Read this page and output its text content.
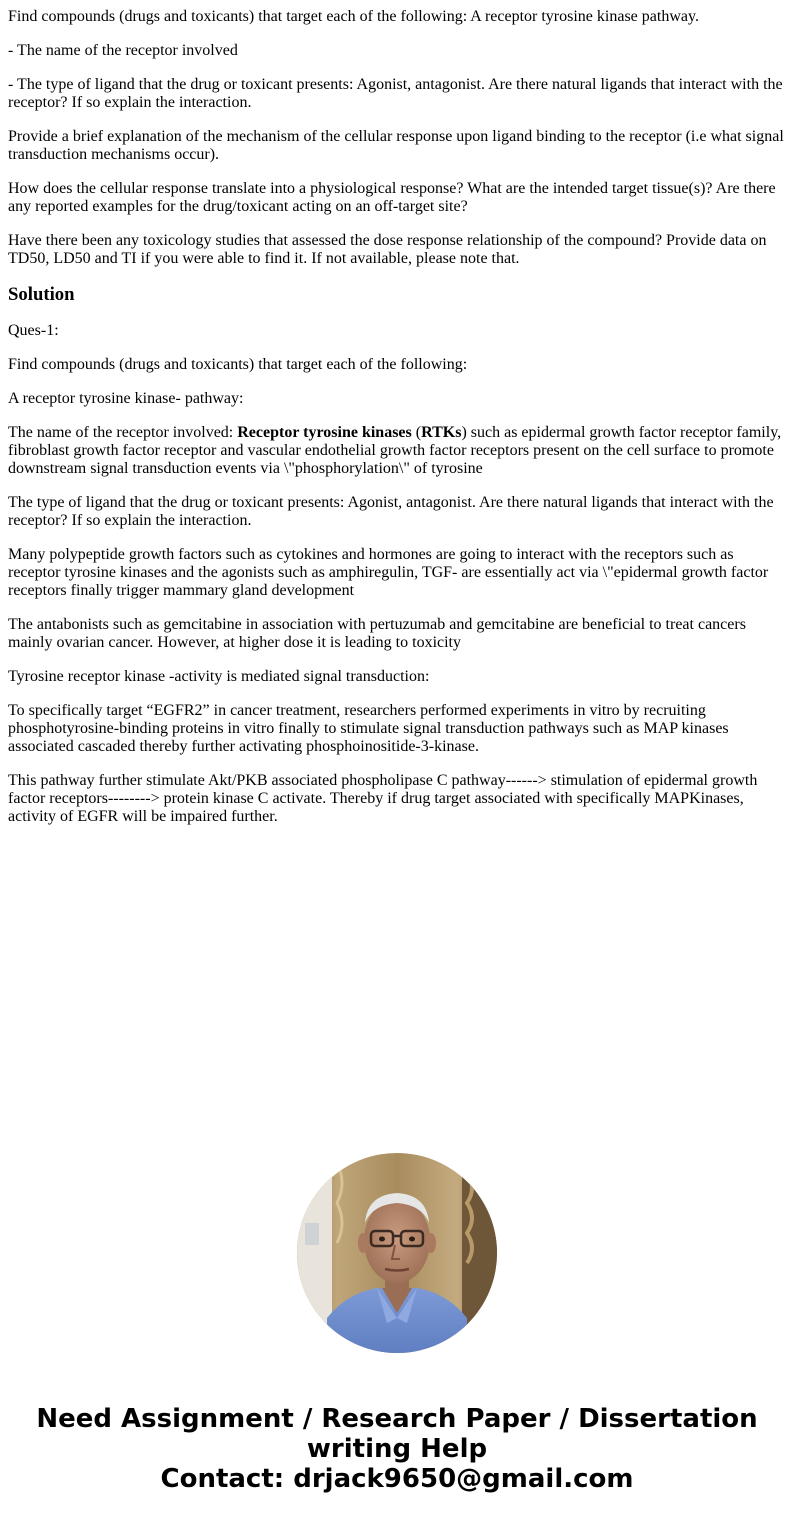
Find compounds (drugs and toxicants) that target each of the following: A receptor tyrosine kinase pathway.

- The name of the receptor involved

- The type of ligand that the drug or toxicant presents: Agonist, antagonist. Are there natural ligands that interact with the receptor? If so explain the interaction.

Provide a brief explanation of the mechanism of the cellular response upon ligand binding to the receptor (i.e what signal transduction mechanisms occur).

How does the cellular response translate into a physiological response? What are the intended target tissue(s)? Are there any reported examples for the drug/toxicant acting on an off-target site?

Have there been any toxicology studies that assessed the dose response relationship of the compound? Provide data on TD50, LD50 and TI if you were able to find it. If not available, please note that.

Solution

Ques-1:

Find compounds (drugs and toxicants) that target each of the following:

A receptor tyrosine kinase- pathway:

The name of the receptor involved: Receptor tyrosine kinases (RTKs) such as epidermal growth factor receptor family, fibroblast growth factor receptor and vascular endothelial growth factor receptors present on the cell surface to promote downstream signal transduction events via \"phosphorylation\" of tyrosine

The type of ligand that the drug or toxicant presents: Agonist, antagonist. Are there natural ligands that interact with the receptor? If so explain the interaction.

Many polypeptide growth factors such as cytokines and hormones are going to interact with the receptors such as receptor tyrosine kinases and the agonists such as amphiregulin, TGF- are essentially act via \"epidermal growth factor receptors finally trigger mammary gland development

The antabonists such as gemcitabine in association with pertuzumab and gemcitabine are beneficial to treat cancers mainly ovarian cancer. However, at higher dose it is leading to toxicity

Tyrosine receptor kinase -activity is mediated signal transduction:

To specifically target “EGFR2” in cancer treatment, researchers performed experiments in vitro by recruiting phosphotyrosine-binding proteins in vitro finally to stimulate signal transduction pathways such as MAP kinases associated cascaded thereby further activating phosphoinositide-3-kinase.

This pathway further stimulate Akt/PKB associated phospholipase C pathway------> stimulation of epidermal growth factor receptors--------> protein kinase C activate. Thereby if drug target associated with specifically MAPKinases, activity of EGFR will be impaired further.

Need Assignment / Research Paper / Dissertation
writing Help
Contact: drjack9650@gmail.com
